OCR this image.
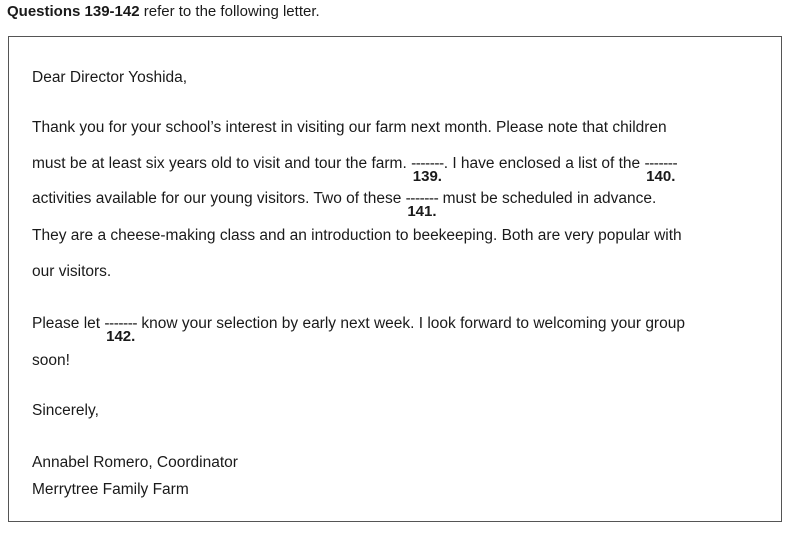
Questions 139-142 refer to the following letter.
Dear Director Yoshida,
Thank you for your school’s interest in visiting our farm next month. Please note that children
must be at least six years old to visit and tour the farm. -------
139.
. I have enclosed a list of the -------
140.
activities available for our young visitors. Two of these -------
141.
must be scheduled in advance.
They are a cheese-making class and an introduction to beekeeping. Both are very popular with
our visitors.
Please let -------
142.
know your selection by early next week. I look forward to welcoming your group
soon!
Sincerely,
Annabel Romero, Coordinator
Merrytree Family Farm
